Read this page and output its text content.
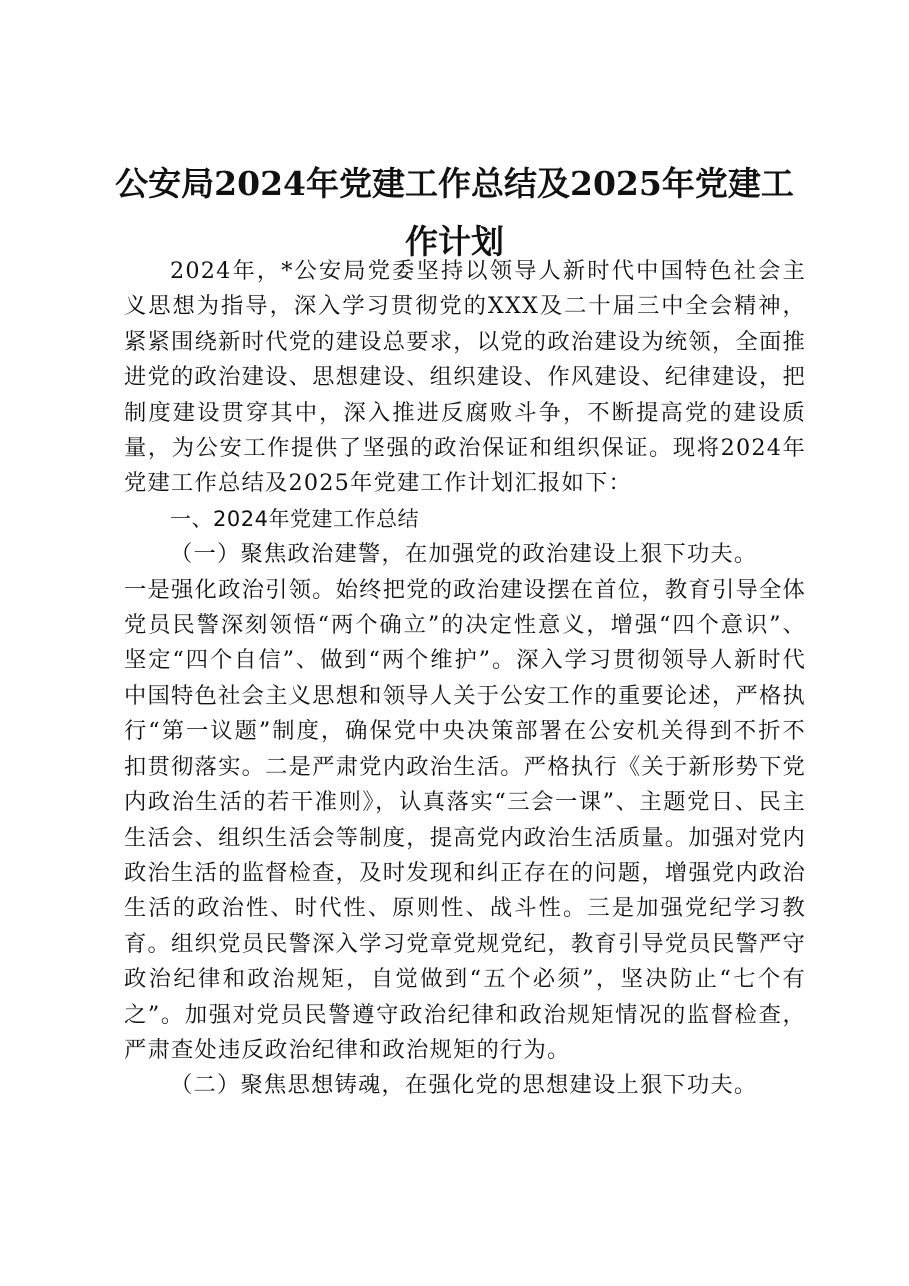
公安局2024年党建工作总结及2025年党建工作计划

2024年，*公安局党委坚持以领导人新时代中国特色社会主义思想为指导，深入学习贯彻党的XXX及二十届三中全会精神，紧紧围绕新时代党的建设总要求，以党的政治建设为统领，全面推进党的政治建设、思想建设、组织建设、作风建设、纪律建设，把制度建设贯穿其中，深入推进反腐败斗争，不断提高党的建设质量，为公安工作提供了坚强的政治保证和组织保证。现将2024年党建工作总结及2025年党建工作计划汇报如下：

一、2024年党建工作总结

（一）聚焦政治建警，在加强党的政治建设上狠下功夫。

一是强化政治引领。始终把党的政治建设摆在首位，教育引导全体党员民警深刻领悟“两个确立”的决定性意义，增强“四个意识”、坚定“四个自信”、做到“两个维护”。深入学习贯彻领导人新时代中国特色社会主义思想和领导人关于公安工作的重要论述，严格执行“第一议题”制度，确保党中央决策部署在公安机关得到不折不扣贯彻落实。二是严肃党内政治生活。严格执行《关于新形势下党内政治生活的若干准则》，认真落实“三会一课”、主题党日、民主生活会、组织生活会等制度，提高党内政治生活质量。加强对党内政治生活的监督检查，及时发现和纠正存在的问题，增强党内政治生活的政治性、时代性、原则性、战斗性。三是加强党纪学习教育。组织党员民警深入学习党章党规党纪，教育引导党员民警严守政治纪律和政治规矩，自觉做到“五个必须”，坚决防止“七个有之”。加强对党员民警遵守政治纪律和政治规矩情况的监督检查，严肃查处违反政治纪律和政治规矩的行为。

（二）聚焦思想铸魂，在强化党的思想建设上狠下功夫。
